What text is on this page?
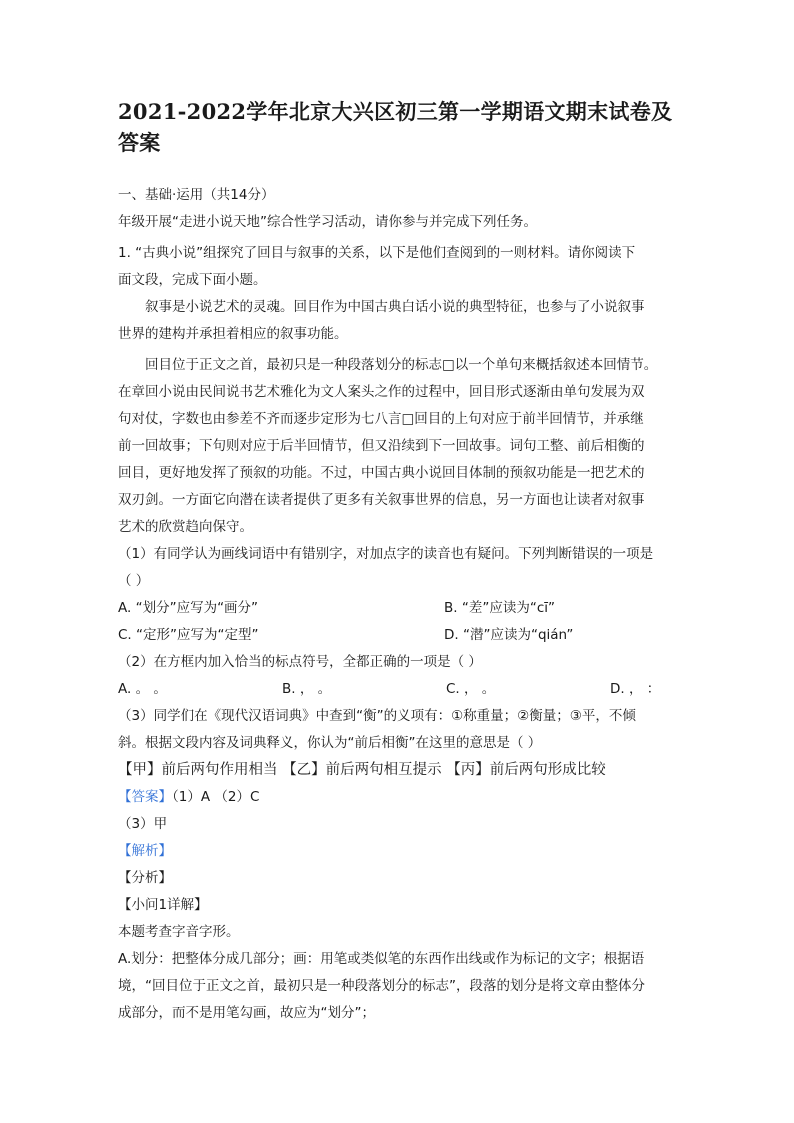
2021-2022学年北京大兴区初三第一学期语文期末试卷及答案
一、基础·运用（共14分）
年级开展“走进小说天地”综合性学习活动，请你参与并完成下列任务。
1. “古典小说”组探究了回目与叙事的关系，以下是他们查阅到的一则材料。请你阅读下
面文段，完成下面小题。
叙事是小说艺术的灵魂。回目作为中国古典白话小说的典型特征，也参与了小说叙事
世界的建构并承担着相应的叙事功能。
回目位于正文之首，最初只是一种段落划分的标志□以一个单句来概括叙述本回情节。
在章回小说由民间说书艺术雅化为文人案头之作的过程中，回目形式逐渐由单句发展为双
句对仗，字数也由参差不齐而逐步定形为七八言□回目的上句对应于前半回情节，并承继
前一回故事；下句则对应于后半回情节，但又沿续到下一回故事。词句工整、前后相衡的
回目，更好地发挥了预叙的功能。不过，中国古典小说回目体制的预叙功能是一把艺术的
双刃剑。一方面它向潜在读者提供了更多有关叙事世界的信息，另一方面也让读者对叙事
艺术的欣赏趋向保守。
（1）有同学认为画线词语中有错别字，对加点字的读音也有疑问。下列判断错误的一项是
（ ）
A. “划分”应写为“画分”	B. “差”应读为“cī”
C. “定形”应写为“定型”	D. “潜”应读为“qián”
（2）在方框内加入恰当的标点符号，全都正确的一项是（ ）
A. 。 。	B. ， 。	C. ， 。	D. ， ：
（3）同学们在《现代汉语词典》中查到“衡”的义项有：①称重量；②衡量；③平，不倾
斜。根据文段内容及词典释义，你认为“前后相衡”在这里的意思是（ ）
【甲】前后两句作用相当 【乙】前后两句相互提示 【丙】前后两句形成比较
【答案】（1）A （2）C
（3）甲
【解析】
【分析】
【小问1详解】
本题考查字音字形。
A.划分：把整体分成几部分；画：用笔或类似笔的东西作出线或作为标记的文字；根据语
境，“回目位于正文之首，最初只是一种段落划分的标志”，段落的划分是将文章由整体分
成部分，而不是用笔勾画，故应为“划分”；
